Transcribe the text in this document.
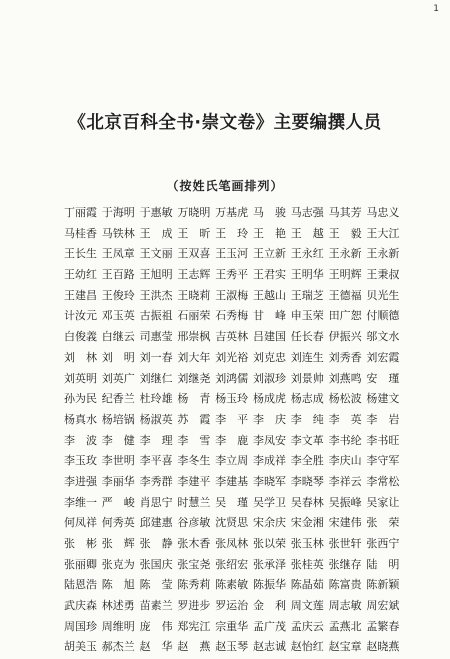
1
《北京百科全书·崇文卷》主要编撰人员
（按姓氏笔画排列）
丁丽霞 于海明 于惠敏 万晓明 万基虎 马　骏 马志强 马其芳 马忠义
马桂香 马铁林 王　成 王　昕 王　玲 王　艳 王　越 王　毅 王大江
王长生 王凤章 王文丽 王双喜 王玉河 王立新 王永红 王永新 王永新
王幼红 王百路 王旭明 王志辉 王秀平 王君实 王明华 王明辉 王秉叔
王建昌 王俊玲 王洪杰 王晓莉 王淑梅 王越山 王瑞芝 王德福 贝光生
计汝元 邓玉英 古振祖 石丽荣 石秀梅 甘　峰 申玉荣 田广恕 付顺德
白俊義 白继云 司惠莹 邢崇枫 吉英林 吕建国 任长春 伊振兴 邬文水
刘　林 刘　明 刘一春 刘大年 刘光裕 刘克忠 刘连生 刘秀香 刘宏霞
刘英明 刘英广 刘继仁 刘继尧 刘鸿儒 刘淑珍 刘景帅 刘燕鸣 安　瑾
孙为民 纪香兰 杜玲雄 杨　青 杨玉玲 杨成虎 杨志成 杨松波 杨建文
杨真水 杨培锅 杨淑英 苏　霞 李　平 李　庆 李　纯 李　英 李　岩
李　波 李　健 李　理 李　雪 李　鹿 李凤安 李文革 李书纶 李书旺
李玉玫 李世明 李平喜 李冬生 李立周 李成祥 李全胜 李庆山 李守军
李进强 李丽华 李秀群 李建平 李建基 李晓军 李晓琴 李祥云 李常松
李维一 严　峻 肖思宁 时慧兰 吴　瑾 吴学卫 吴春林 吴振峰 吴家让
何凤祥 何秀英 邱建惠 谷彦敏 沈贤思 宋余庆 宋金湘 宋建伟 张　荣
张　彬 张　辉 张　静 张木香 张凤林 张以荣 张玉林 张世轩 张西宁
张丽卿 张克为 张国庆 张宝尧 张绍宏 张承泽 张桂英 张继存 陆　明
陆恩浩 陈　旭 陈　莹 陈秀莉 陈素敏 陈振华 陈晶茹 陈富贵 陈新颖
武庆森 林述勇 苗素兰 罗进步 罗运治 金　利 周文莲 周志敏 周宏斌
周国珍 周维明 庞　伟 郑宪江 宗重华 孟广茂 孟庆云 孟燕北 孟繁春
胡美玉 郝杰兰 赵　华 赵　燕 赵玉琴 赵志诚 赵怡红 赵宝章 赵晓燕
